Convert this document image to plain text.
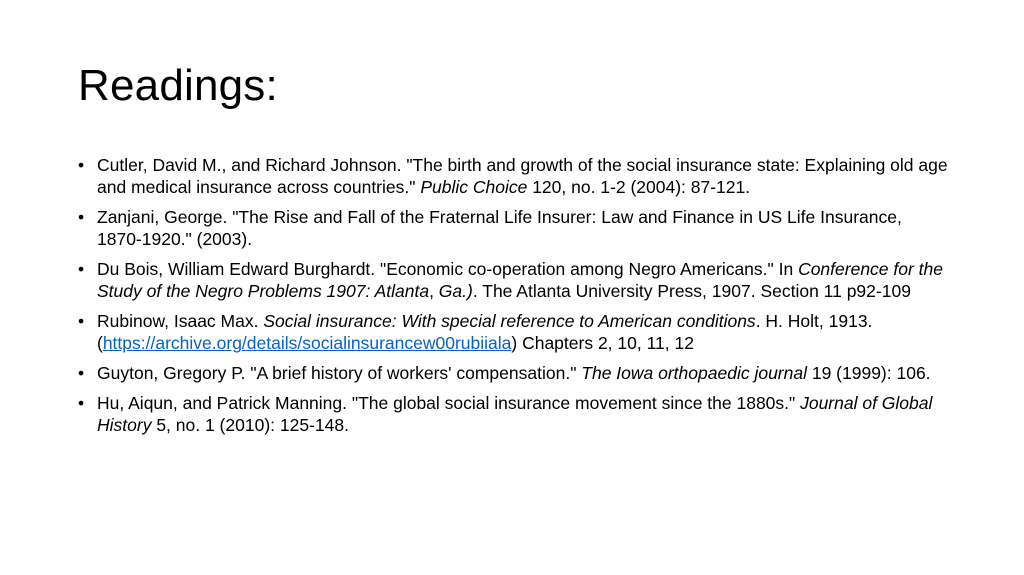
Readings:
• Cutler, David M., and Richard Johnson. "The birth and growth of the social insurance state: Explaining old age and medical insurance across countries." Public Choice 120, no. 1-2 (2004): 87-121.
• Zanjani, George. "The Rise and Fall of the Fraternal Life Insurer: Law and Finance in US Life Insurance, 1870-1920." (2003).
• Du Bois, William Edward Burghardt. "Economic co-operation among Negro Americans." In Conference for the Study of the Negro Problems 1907: Atlanta, Ga.). The Atlanta University Press, 1907. Section 11 p92-109
• Rubinow, Isaac Max. Social insurance: With special reference to American conditions. H. Holt, 1913. (https://archive.org/details/socialinsurancew00rubiiala) Chapters 2, 10, 11, 12
• Guyton, Gregory P. "A brief history of workers' compensation." The Iowa orthopaedic journal 19 (1999): 106.
• Hu, Aiqun, and Patrick Manning. "The global social insurance movement since the 1880s." Journal of Global History 5, no. 1 (2010): 125-148.
